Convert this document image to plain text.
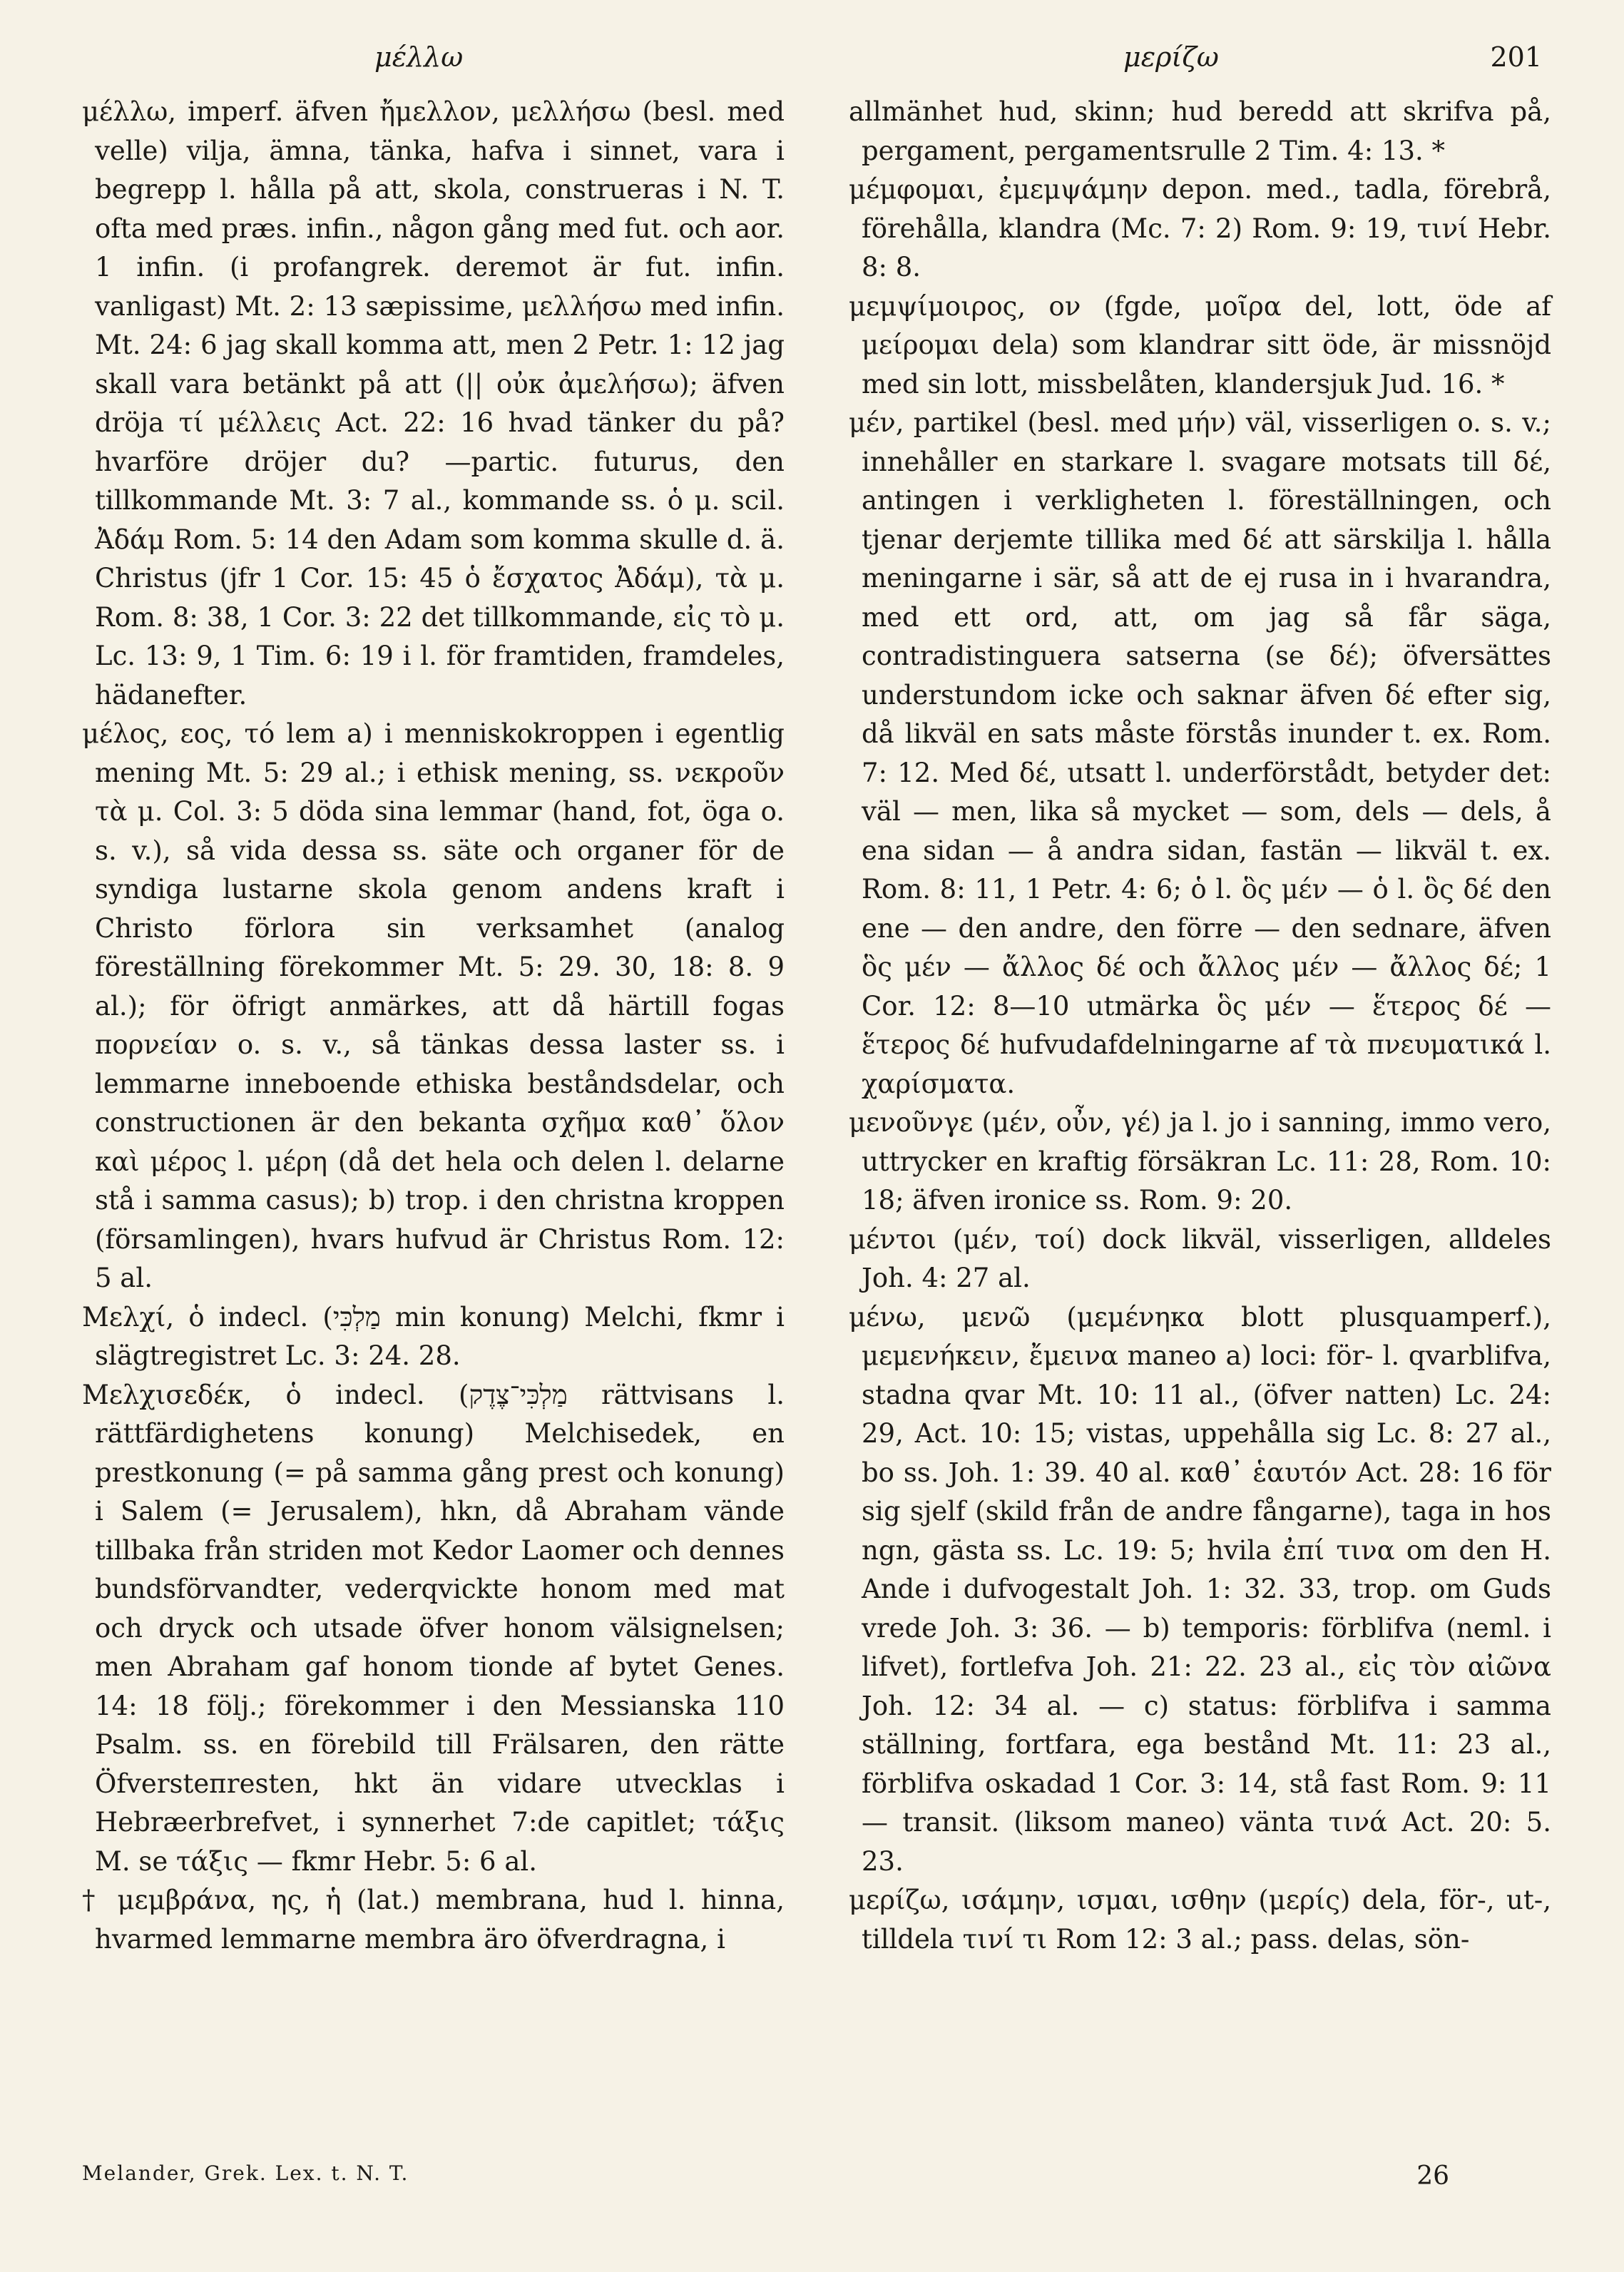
μέλλω	μερίζω	201

μέλλω, imperf. äfven ἤμελλον, μελλήσω (besl. med velle) vilja, ämna, tänka, hafva i sinnet, vara i begrepp l. hålla på att, skola, construeras i N. T. ofta med præs. infin., någon gång med fut. och aor. 1 infin. (i profangrek. deremot är fut. infin. vanligast) Mt. 2: 13 sæpissime, μελλήσω med infin. Mt. 24: 6 jag skall komma att, men 2 Petr. 1: 12 jag skall vara betänkt på att (|| οὐκ ἀμελήσω); äfven dröja τί μέλλεις Act. 22: 16 hvad tänker du på? hvarföre dröjer du? —partic. futurus, den tillkommande Mt. 3: 7 al., kommande ss. ὁ μ. scil. Ἀδάμ Rom. 5: 14 den Adam som komma skulle d. ä. Christus (jfr 1 Cor. 15: 45 ὁ ἔσχατος Ἀδάμ), τὰ μ. Rom. 8: 38, 1 Cor. 3: 22 det tillkommande, εἰς τὸ μ. Lc. 13: 9, 1 Tim. 6: 19 i l. för framtiden, framdeles, hädanefter.

μέλος, εος, τό lem a) i menniskokroppen i egentlig mening Mt. 5: 29 al.; i ethisk mening, ss. νεκροῦν τὰ μ. Col. 3: 5 döda sina lemmar (hand, fot, öga o. s. v.), så vida dessa ss. säte och organer för de syndiga lustarne skola genom andens kraft i Christo förlora sin verksamhet (analog föreställning förekommer Mt. 5: 29. 30, 18: 8. 9 al.); för öfrigt anmärkes, att då härtill fogas πορνείαν o. s. v., så tänkas dessa laster ss. i lemmarne inneboende ethiska beståndsdelar, och constructionen är den bekanta σχῆμα καθ᾽ ὅλον καὶ μέρος l. μέρη (då det hela och delen l. delarne stå i samma casus); b) trop. i den christna kroppen (församlingen), hvars hufvud är Christus Rom. 12: 5 al.

Μελχί, ὁ indecl. (מַלְכִּי min konung) Melchi, fkmr i slägtregistret Lc. 3: 24. 28.

Μελχισεδέκ, ὁ indecl. (מַלְכִּי־צֶדֶק rättvisans l. rättfärdighetens konung) Melchisedek, en prestkonung (= på samma gång prest och konung) i Salem (= Jerusalem), hkn, då Abraham vände tillbaka från striden mot Kedor Laomer och dennes bundsförvandter, vederqvickte honom med mat och dryck och utsade öfver honom välsignelsen; men Abraham gaf honom tionde af bytet Genes. 14: 18 följ.; förekommer i den Messianska 110 Psalm. ss. en förebild till Frälsaren, den rätte Öfversteпresten, hkt än vidare utvecklas i Hebræerbrefvet, i synnerhet 7:de capitlet; τάξις Μ. se τάξις — fkmr Hebr. 5: 6 al.

† μεμβράνα, ης, ἡ (lat.) membrana, hud l. hinna, hvarmed lemmarne membra äro öfverdragna, i

allmänhet hud, skinn; hud beredd att skrifva på, pergament, pergamentsrulle 2 Tim. 4: 13. *

μέμφομαι, ἐμεμψάμην depon. med., tadla, förebrå, förehålla, klandra (Mc. 7: 2) Rom. 9: 19, τινί Hebr. 8: 8.

μεμψίμοιρος, ον (fgde, μοῖρα del, lott, öde af μείρομαι dela) som klandrar sitt öde, är missnöjd med sin lott, missbelåten, klandersjuk Jud. 16. *

μέν, partikel (besl. med μήν) väl, visserligen o. s. v.; innehåller en starkare l. svagare motsats till δέ, antingen i verkligheten l. föreställningen, och tjenar derjemte tillika med δέ att särskilja l. hålla meningarne i sär, så att de ej rusa in i hvarandra, med ett ord, att, om jag så får säga, contradistinguera satserna (se δέ); öfversättes understundom icke och saknar äfven δέ efter sig, då likväl en sats måste förstås inunder t. ex. Rom. 7: 12. Med δέ, utsatt l. underförstådt, betyder det: väl — men, lika så mycket — som, dels — dels, å ena sidan — å andra sidan, fastän — likväl t. ex. Rom. 8: 11, 1 Petr. 4: 6; ὁ l. ὃς μέν — ὁ l. ὃς δέ den ene — den andre, den förre — den sednare, äfven ὃς μέν — ἄλλος δέ och ἄλλος μέν — ἄλλος δέ; 1 Cor. 12: 8—10 utmärka ὃς μέν — ἕτερος δέ — ἕτερος δέ hufvudafdelningarne af τὰ πνευματικά l. χαρίσματα.

μενοῦνγε (μέν, οὖν, γέ) ja l. jo i sanning, immo vero, uttrycker en kraftig försäkran Lc. 11: 28, Rom. 10: 18; äfven ironice ss. Rom. 9: 20.

μέντοι (μέν, τοί) dock likväl, visserligen, alldeles Joh. 4: 27 al.

μένω, μενῶ (μεμένηκα blott plusquamperf.), μεμενήκειν, ἔμεινα maneo a) loci: för- l. qvarblifva, stadna qvar Mt. 10: 11 al., (öfver natten) Lc. 24: 29, Act. 10: 15; vistas, uppehålla sig Lc. 8: 27 al., bo ss. Joh. 1: 39. 40 al. καθ᾽ ἑαυτόν Act. 28: 16 för sig sjelf (skild från de andre fångarne), taga in hos ngn, gästa ss. Lc. 19: 5; hvila ἐπί τινα om den H. Ande i dufvogestalt Joh. 1: 32. 33, trop. om Guds vrede Joh. 3: 36. — b) temporis: förblifva (neml. i lifvet), fortlefva Joh. 21: 22. 23 al., εἰς τὸν αἰῶνα Joh. 12: 34 al. — c) status: förblifva i samma ställning, fortfara, ega bestånd Mt. 11: 23 al., förblifva oskadad 1 Cor. 3: 14, stå fast Rom. 9: 11 — transit. (liksom maneo) vänta τινά Act. 20: 5. 23.

μερίζω, ισάμην, ισμαι, ισθην (μερίς) dela, för-, ut-, tilldela τινί τι Rom 12: 3 al.; pass. delas, sön-

Melander, Grek. Lex. t. N. T.	26
